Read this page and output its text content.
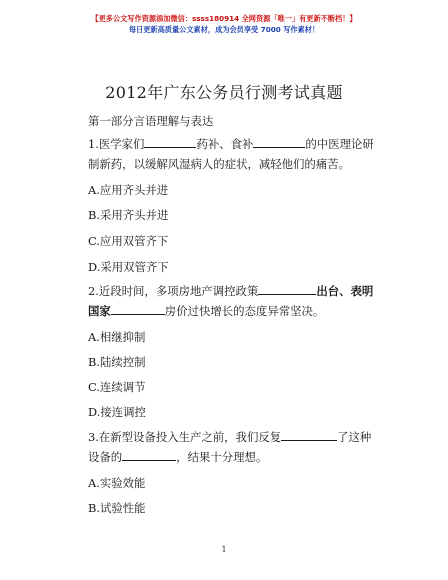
【更多公文写作资源添加微信：ssss180914 全网资源「唯一」有更新不断档！】
每日更新高质量公文素材，成为会员享受 7000 写作素材！
2012年广东公务员行测考试真题
第一部分言语理解与表达
1.医学家们	药补、食补	的中医理论研
制新药，以缓解风湿病人的症状，减轻他们的痛苦。
A.应用齐头并进
B.采用齐头并进
C.应用双管齐下
D.采用双管齐下
2.近段时间，多项房地产调控政策	出台、表明
国家	房价过快增长的态度异常坚决。
A.相继抑制
B.陆续控制
C.连续调节
D.接连调控
3.在新型设备投入生产之前，我们反复	了这种
设备的	，结果十分理想。
A.实验效能
B.试验性能
1
